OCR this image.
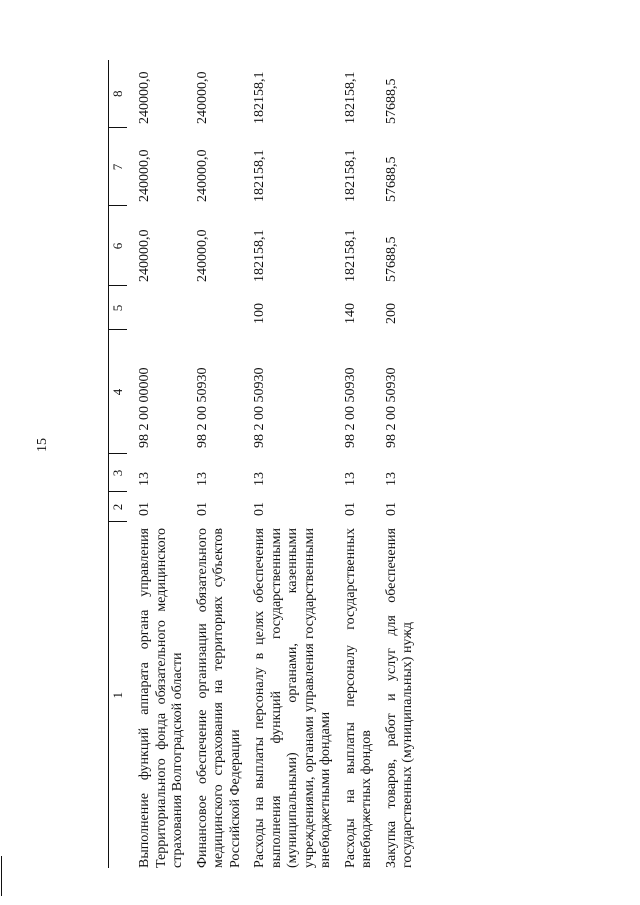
15
1	2	3	4	5	6	7	8
Выполнение функций аппарата органа управления Территориального фонда обязательного медицинского страхования Волгоградской области	01	13	98 2 00 00000		240000,0	240000,0	240000,0
Финансовое обеспечение организации обязательного медицинского страхования на территориях субъектов Российской Федерации	01	13	98 2 00 50930		240000,0	240000,0	240000,0
Расходы на выплаты персоналу в целях обеспечения выполнения функций государственными (муниципальными) органами, казенными учреждениями, органами управления государственными внебюджетными фондами	01	13	98 2 00 50930	100	182158,1	182158,1	182158,1
Расходы на выплаты персоналу государственных внебюджетных фондов	01	13	98 2 00 50930	140	182158,1	182158,1	182158,1
Закупка товаров, работ и услуг для обеспечения государственных (муниципальных) нужд	01	13	98 2 00 50930	200	57688,5	57688,5	57688,5
